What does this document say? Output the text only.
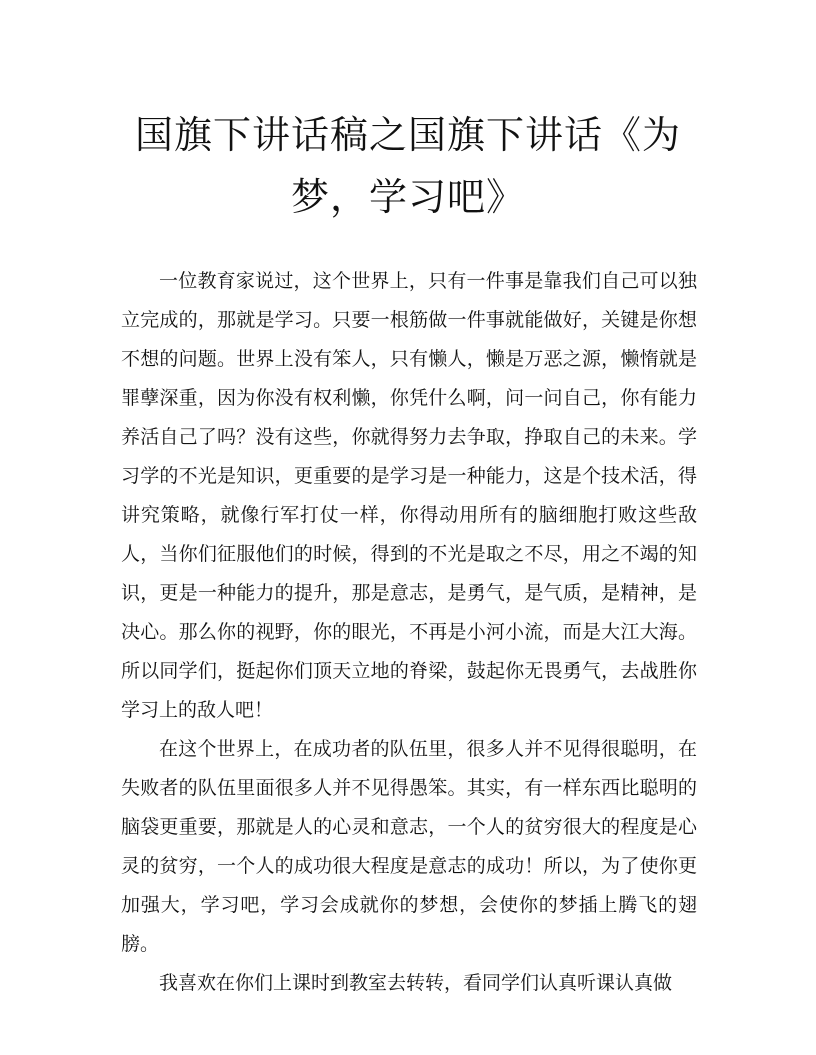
国旗下讲话稿之国旗下讲话《为梦，学习吧》

一位教育家说过，这个世界上，只有一件事是靠我们自己可以独立完成的，那就是学习。只要一根筋做一件事就能做好，关键是你想不想的问题。世界上没有笨人，只有懒人，懒是万恶之源，懒惰就是罪孽深重，因为你没有权利懒，你凭什么啊，问一问自己，你有能力养活自己了吗？没有这些，你就得努力去争取，挣取自己的未来。学习学的不光是知识，更重要的是学习是一种能力，这是个技术活，得讲究策略，就像行军打仗一样，你得动用所有的脑细胞打败这些敌人，当你们征服他们的时候，得到的不光是取之不尽，用之不竭的知识，更是一种能力的提升，那是意志，是勇气，是气质，是精神，是决心。那么你的视野，你的眼光，不再是小河小流，而是大江大海。所以同学们，挺起你们顶天立地的脊梁，鼓起你无畏勇气，去战胜你学习上的敌人吧！

在这个世界上，在成功者的队伍里，很多人并不见得很聪明，在失败者的队伍里面很多人并不见得愚笨。其实，有一样东西比聪明的脑袋更重要，那就是人的心灵和意志，一个人的贫穷很大的程度是心灵的贫穷，一个人的成功很大程度是意志的成功！所以，为了使你更加强大，学习吧，学习会成就你的梦想，会使你的梦插上腾飞的翅膀。

我喜欢在你们上课时到教室去转转，看同学们认真听课认真做
